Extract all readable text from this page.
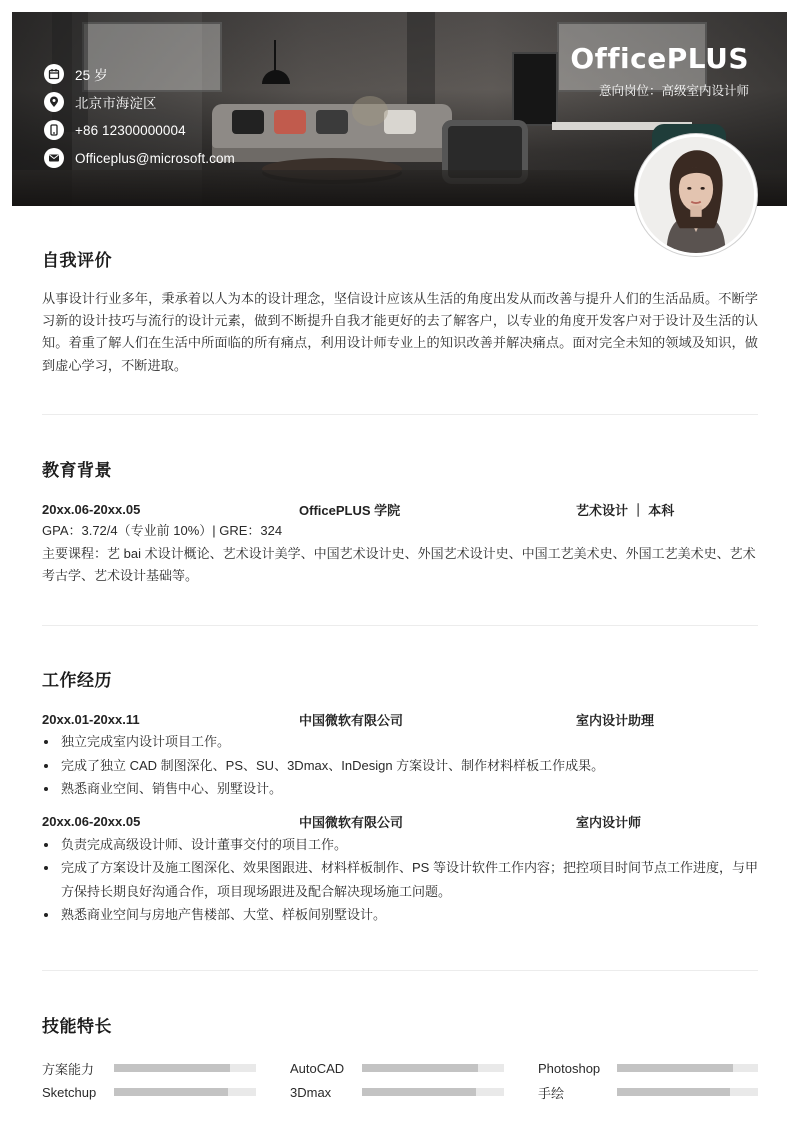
25 岁
北京市海淀区
+86 12300000004
Officeplus@microsoft.com
OfficePLUS
意向岗位：高级室内设计师
自我评价
从事设计行业多年，秉承着以人为本的设计理念，坚信设计应该从生活的角度出发从而改善与提升人们的生活品质。不断学习新的设计技巧与流行的设计元素，做到不断提升自我才能更好的去了解客户，以专业的角度开发客户对于设计及生活的认知。着重了解人们在生活中所面临的所有痛点，利用设计师专业上的知识改善并解决痛点。面对完全未知的领域及知识，做到虚心学习，不断进取。
教育背景
20xx.06-20xx.05	OfficePLUS 学院	艺术设计 ｜ 本科
GPA：3.72/4（专业前 10%）| GRE：324
主要课程：艺 bai 术设计概论、艺术设计美学、中国艺术设计史、外国艺术设计史、中国工艺美术史、外国工艺美术史、艺术考古学、艺术设计基础等。
工作经历
20xx.01-20xx.11	中国微软有限公司	室内设计助理
独立完成室内设计项目工作。
完成了独立 CAD 制图深化、PS、SU、3Dmax、InDesign 方案设计、制作材料样板工作成果。
熟悉商业空间、销售中心、别墅设计。
20xx.06-20xx.05	中国微软有限公司	室内设计师
负责完成高级设计师、设计董事交付的项目工作。
完成了方案设计及施工图深化、效果图跟进、材料样板制作、PS 等设计软件工作内容；把控项目时间节点工作进度，与甲方保持长期良好沟通合作，项目现场跟进及配合解决现场施工问题。
熟悉商业空间与房地产售楼部、大堂、样板间别墅设计。
技能特长
方案能力	AutoCAD	Photoshop
Sketchup	3Dmax	手绘
